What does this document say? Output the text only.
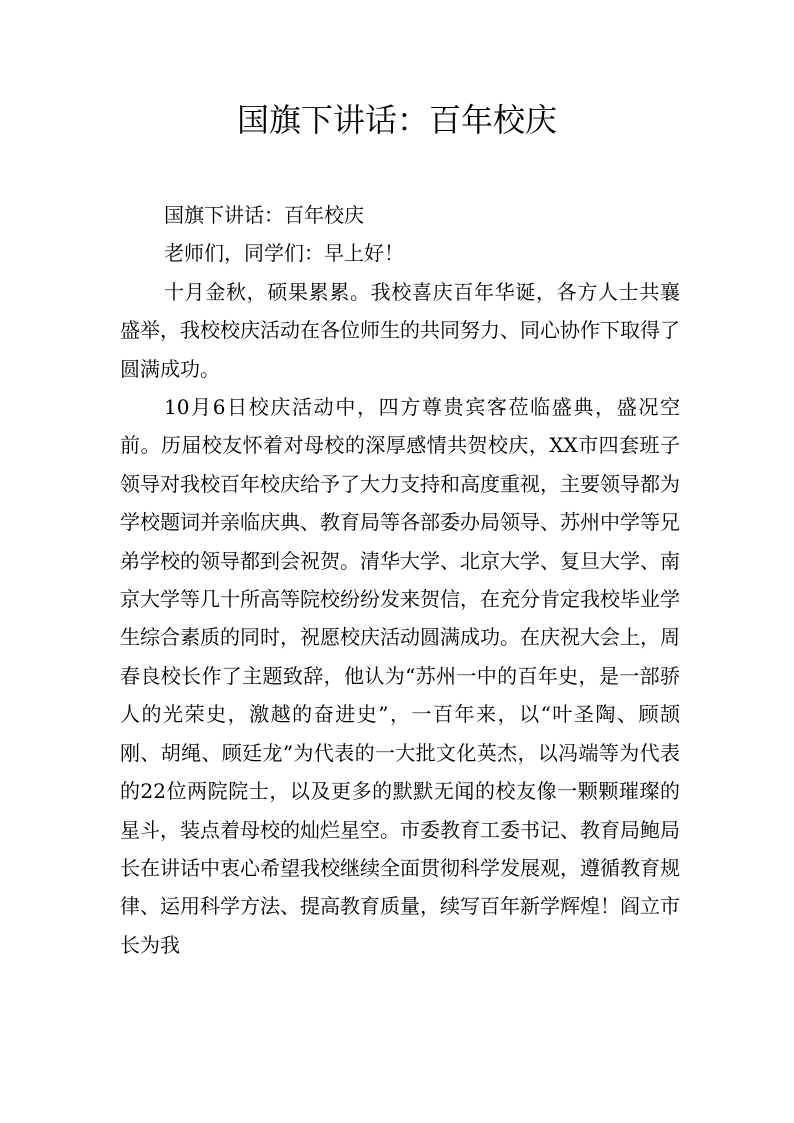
国旗下讲话：百年校庆

国旗下讲话：百年校庆

老师们，同学们：早上好！

十月金秋，硕果累累。我校喜庆百年华诞，各方人士共襄盛举，我校校庆活动在各位师生的共同努力、同心协作下取得了圆满成功。

10月6日校庆活动中，四方尊贵宾客莅临盛典，盛况空前。历届校友怀着对母校的深厚感情共贺校庆，XX市四套班子领导对我校百年校庆给予了大力支持和高度重视，主要领导都为学校题词并亲临庆典、教育局等各部委办局领导、苏州中学等兄弟学校的领导都到会祝贺。清华大学、北京大学、复旦大学、南京大学等几十所高等院校纷纷发来贺信，在充分肯定我校毕业学生综合素质的同时，祝愿校庆活动圆满成功。在庆祝大会上，周春良校长作了主题致辞，他认为“苏州一中的百年史，是一部骄人的光荣史，激越的奋进史”，一百年来，以“叶圣陶、顾颉刚、胡绳、顾廷龙”为代表的一大批文化英杰，以冯端等为代表的22位两院院士，以及更多的默默无闻的校友像一颗颗璀璨的星斗，装点着母校的灿烂星空。市委教育工委书记、教育局鲍局长在讲话中衷心希望我校继续全面贯彻科学发展观，遵循教育规律、运用科学方法、提高教育质量，续写百年新学辉煌！阎立市长为我
